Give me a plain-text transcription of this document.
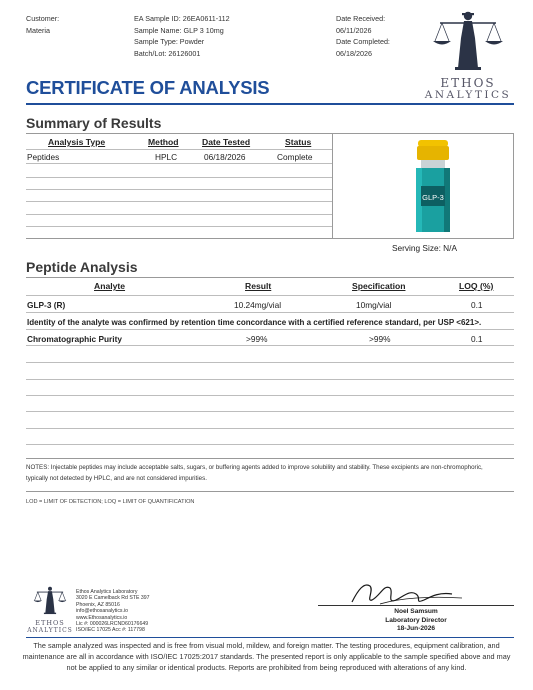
Customer:
Materia
EA Sample ID: 26EA0611-112
Sample Name: GLP 3 10mg
Sample Type: Powder
Batch/Lot: 26126001
Date Received:
06/11/2026
Date Completed:
06/18/2026
ETHOS
ANALYTICS
CERTIFICATE OF ANALYSIS
Summary of Results
Analysis Type	Method	Date Tested	Status
Peptides	HPLC	06/18/2026	Complete
GLP-3
Serving Size: N/A
Peptide Analysis
Analyte	Result	Specification	LOQ (%)
GLP-3 (R)	10.24mg/vial	10mg/vial	0.1
Identity of the analyte was confirmed by retention time concordance with a certified reference standard, per USP <621>.
Chromatographic Purity	>99%	>99%	0.1
NOTES: Injectable peptides may include acceptable salts, sugars, or buffering agents added to improve solubility and stability. These excipients are non-chromophoric,
typically not detected by HPLC, and are not considered impurities.
LOD = LIMIT OF DETECTION; LOQ = LIMIT OF QUANTIFICATION
ETHOS
ANALYTICS
Ethos Analytics Laboratory
3020 E Camelback Rd STE 397
Phoenix, AZ 85016
info@ethosanalytics.io
www.Ethosanalytics.io
Lic #: 000026LRCND60176649
ISO/IEC 17025 Acc #: 117798
Noel Samsum
Laboratory Director
18-Jun-2026
The sample analyzed was inspected and is free from visual mold, mildew, and foreign matter. The testing procedures, equipment calibration, and
maintenance are all in accordance with ISO/IEC 17025:2017 standards. The presented report is only applicable to the sample specified above and may
not be applied to any similar or identical products. Reports are prohibited from being reproduced with alterations of any kind.
